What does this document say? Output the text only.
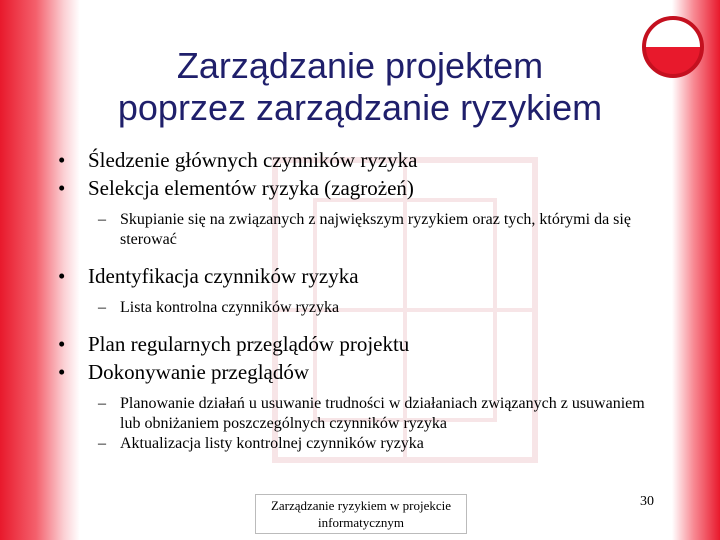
Zarządzanie projektem
poprzez zarządzanie ryzykiem
• Śledzenie głównych czynników ryzyka
• Selekcja elementów ryzyka (zagrożeń)
– Skupianie się na związanych z największym ryzykiem oraz tych, którymi da się sterować
• Identyfikacja czynników ryzyka
– Lista kontrolna czynników ryzyka
• Plan regularnych przeglądów projektu
• Dokonywanie przeglądów
– Planowanie działań u usuwanie trudności w działaniach związanych z usuwaniem lub obniżaniem poszczególnych czynników ryzyka
– Aktualizacja listy kontrolnej czynników ryzyka
Zarządzanie ryzykiem w projekcie informatycznym
30
